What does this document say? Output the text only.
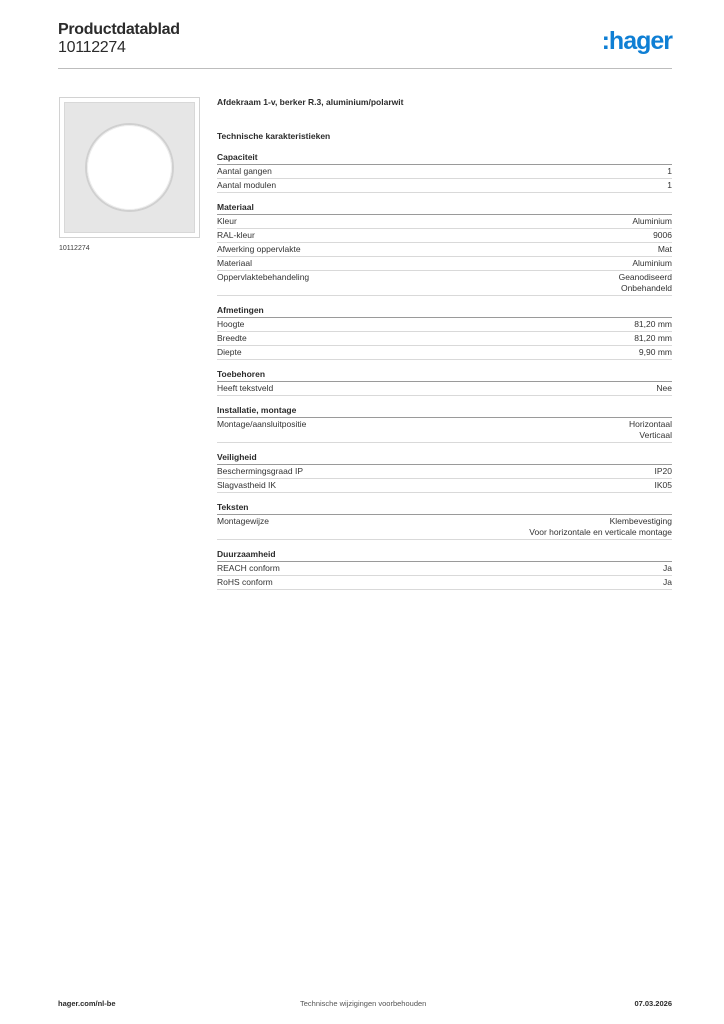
Productdatablad
10112274	:hager
10112274
Afdekraam 1-v, berker R.3, aluminium/polarwit
Technische karakteristieken
Capaciteit
Aantal gangen	1
Aantal modulen	1
Materiaal
Kleur	Aluminium
RAL-kleur	9006
Afwerking oppervlakte	Mat
Materiaal	Aluminium
Oppervlaktebehandeling	Geanodiseerd
Onbehandeld
Afmetingen
Hoogte	81,20 mm
Breedte	81,20 mm
Diepte	9,90 mm
Toebehoren
Heeft tekstveld	Nee
Installatie, montage
Montage/aansluitpositie	Horizontaal
Verticaal
Veiligheid
Beschermingsgraad IP	IP20
Slagvastheid IK	IK05
Teksten
Montagewijze	Klembevestiging
Voor horizontale en verticale montage
Duurzaamheid
REACH conform	Ja
RoHS conform	Ja
hager.com/nl-be	Technische wijzigingen voorbehouden	07.03.2026
